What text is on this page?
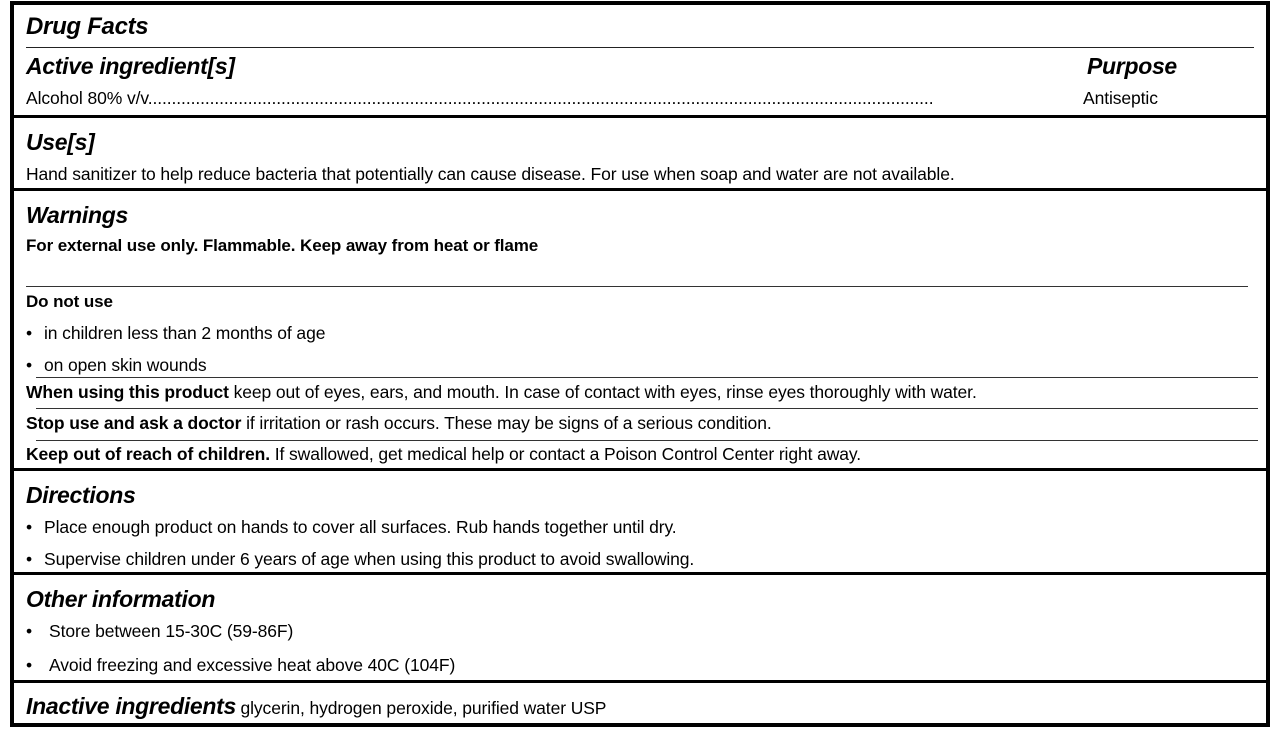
Drug Facts
Active ingredient[s]	Purpose
Alcohol 80% v/v.....................................................................................................................................................................	Antiseptic
Use[s]
Hand sanitizer to help reduce bacteria that potentially can cause disease. For use when soap and water are not available.
Warnings
For external use only. Flammable. Keep away from heat or flame
Do not use
• in children less than 2 months of age
• on open skin wounds
When using this product keep out of eyes, ears, and mouth. In case of contact with eyes, rinse eyes thoroughly with water.
Stop use and ask a doctor if irritation or rash occurs. These may be signs of a serious condition.
Keep out of reach of children. If swallowed, get medical help or contact a Poison Control Center right away.
Directions
• Place enough product on hands to cover all surfaces. Rub hands together until dry.
• Supervise children under 6 years of age when using this product to avoid swallowing.
Other information
• Store between 15-30C (59-86F)
• Avoid freezing and excessive heat above 40C (104F)
Inactive ingredients glycerin, hydrogen peroxide, purified water USP
